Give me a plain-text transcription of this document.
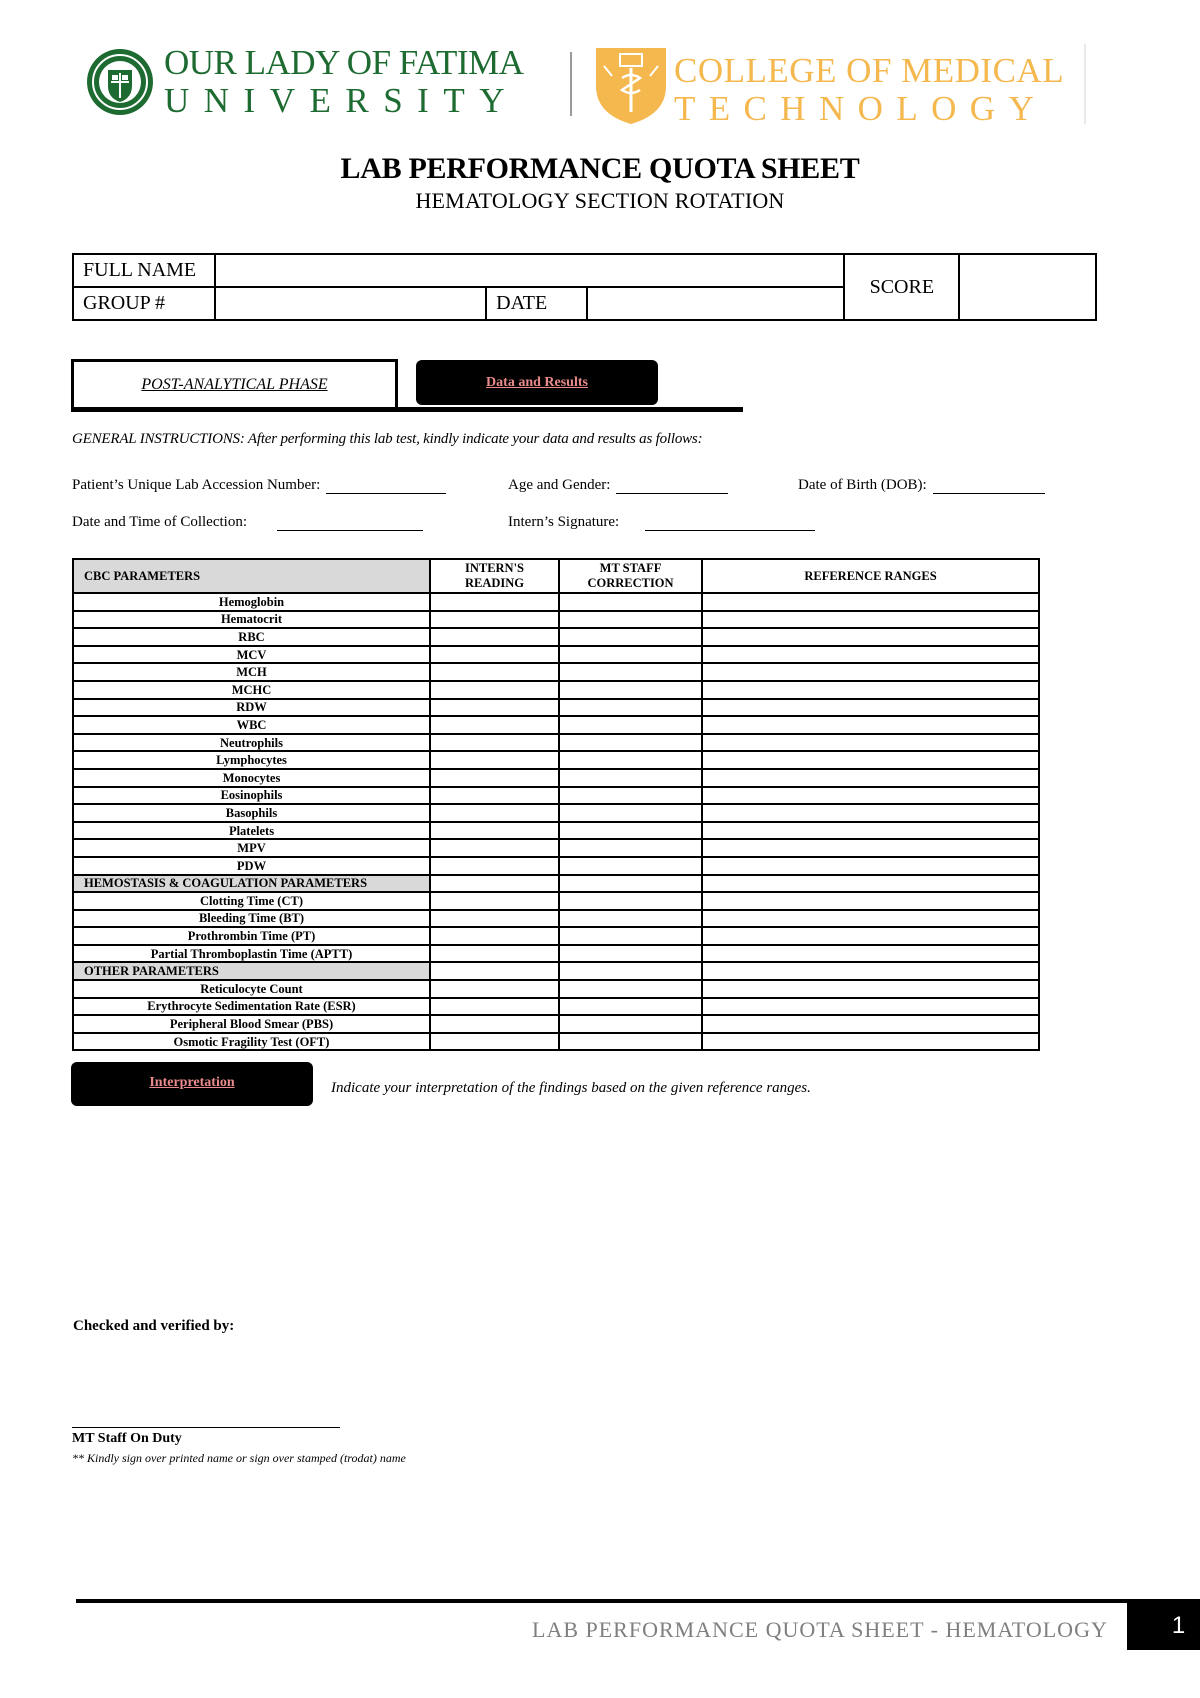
OUR LADY OF FATIMA
UNIVERSITY
COLLEGE OF MEDICAL
TECHNOLOGY
LAB PERFORMANCE QUOTA SHEET
HEMATOLOGY SECTION ROTATION
FULL NAME				SCORE	
GROUP #		DATE			
POST-ANALYTICAL PHASE	Data and Results
GENERAL INSTRUCTIONS: After performing this lab test, kindly indicate your data and results as follows:
Patient’s Unique Lab Accession Number:	Age and Gender:	Date of Birth (DOB):
Date and Time of Collection:	Intern’s Signature:
CBC PARAMETERS	INTERN'S READING	MT STAFF CORRECTION	REFERENCE RANGES
Hemoglobin			
Hematocrit			
RBC			
MCV			
MCH			
MCHC			
RDW			
WBC			
Neutrophils			
Lymphocytes			
Monocytes			
Eosinophils			
Basophils			
Platelets			
MPV			
PDW			
HEMOSTASIS & COAGULATION PARAMETERS			
Clotting Time (CT)			
Bleeding Time (BT)			
Prothrombin Time (PT)			
Partial Thromboplastin Time (APTT)			
OTHER PARAMETERS			
Reticulocyte Count			
Erythrocyte Sedimentation Rate (ESR)			
Peripheral Blood Smear (PBS)			
Osmotic Fragility Test (OFT)			
Interpretation	Indicate your interpretation of the findings based on the given reference ranges.
Checked and verified by:
MT Staff On Duty
** Kindly sign over printed name or sign over stamped (trodat) name
LAB PERFORMANCE QUOTA SHEET - HEMATOLOGY	1
